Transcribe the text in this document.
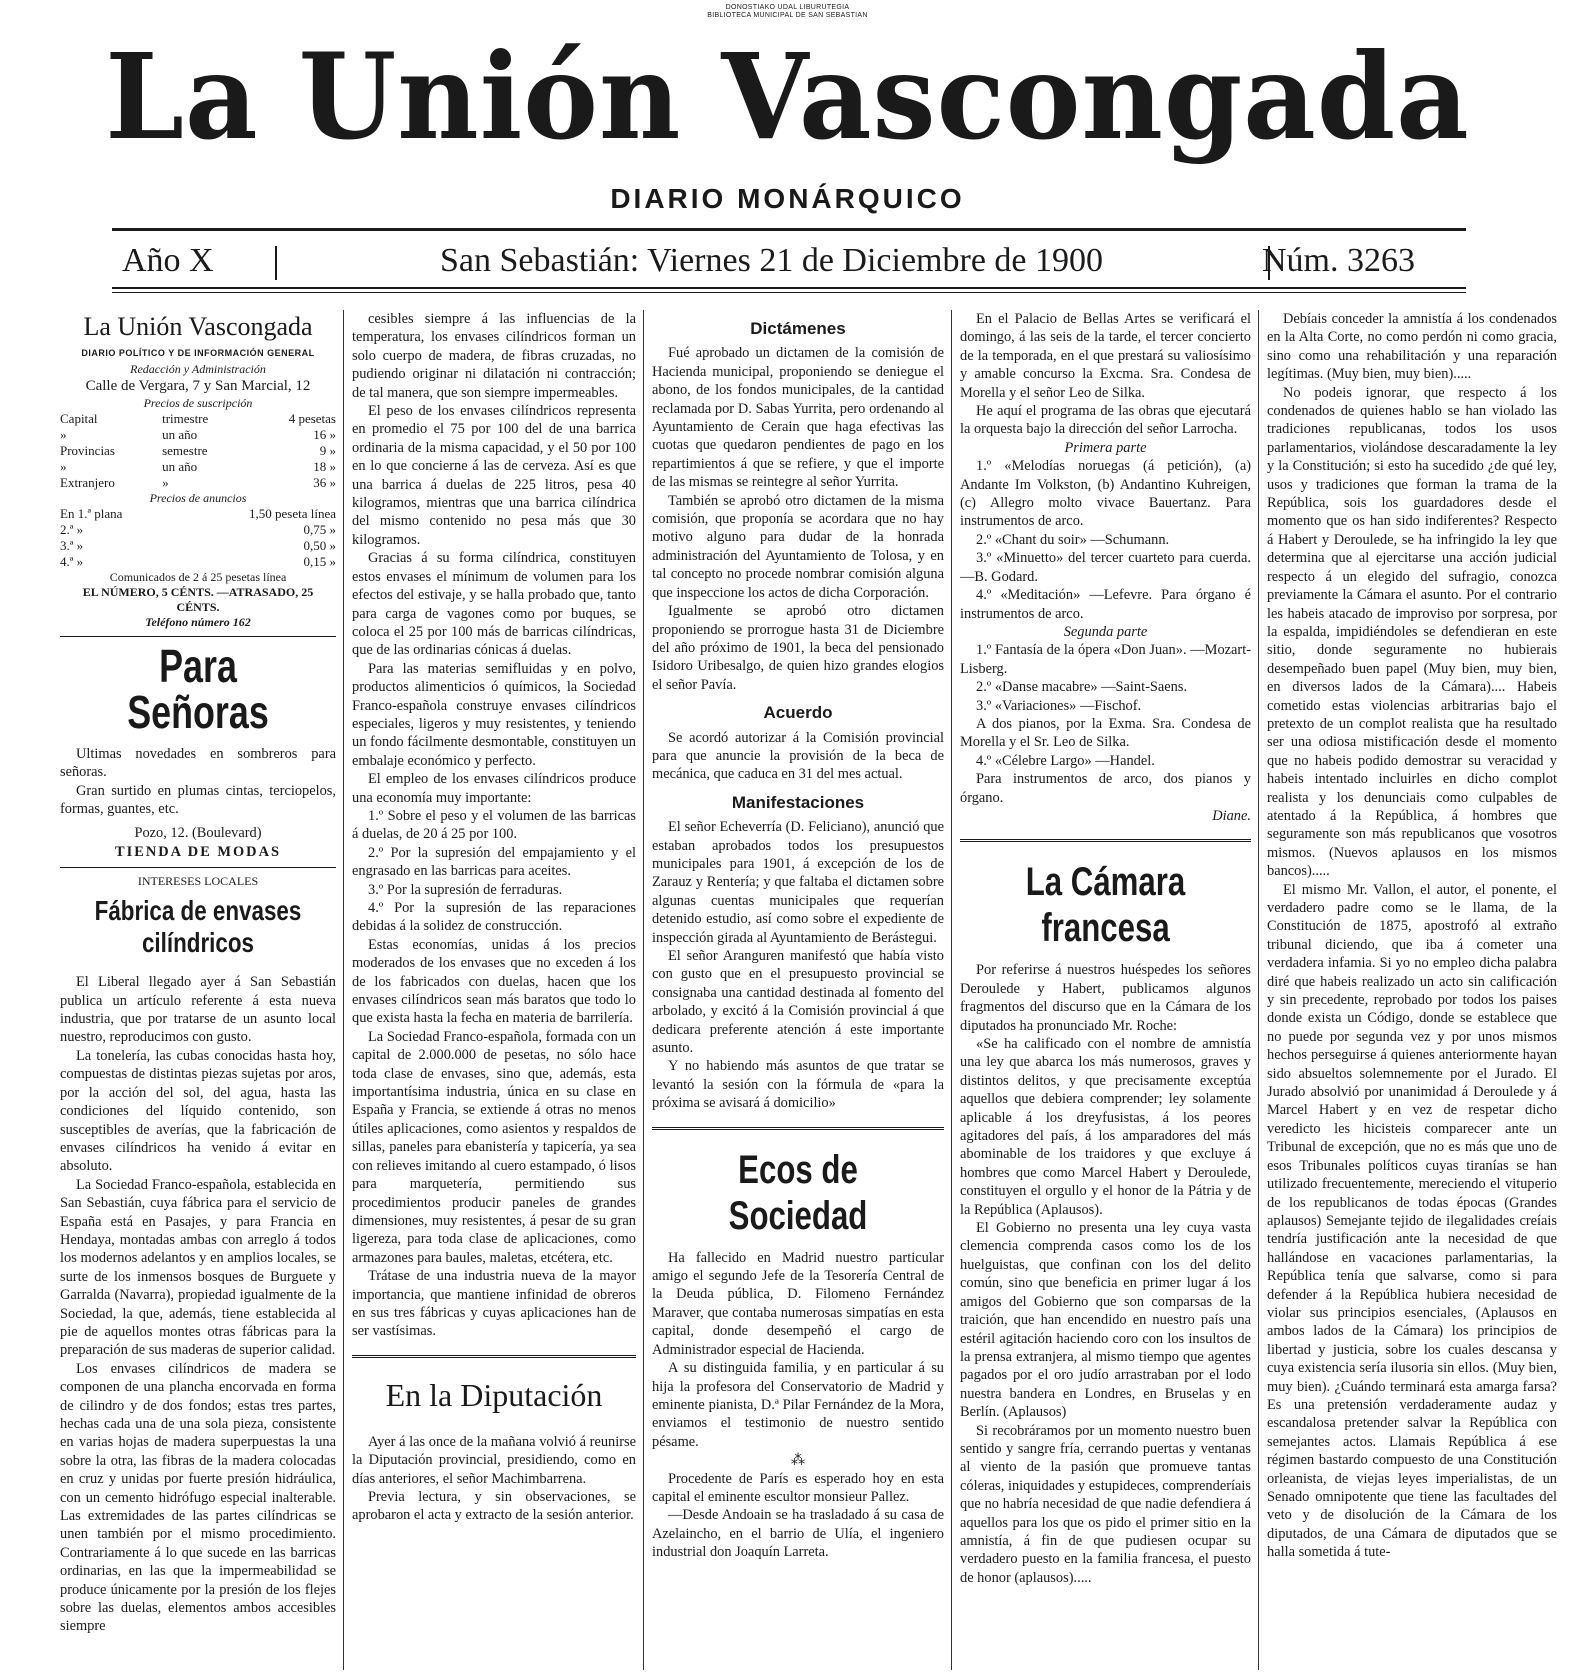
DONOSTIAKO UDAL LIBURUTEGIA
BIBLIOTECA MUNICIPAL DE SAN SEBASTIAN
La Unión Vascongada
DIARIO MONÁRQUICO
Año X	San Sebastián: Viernes 21 de Diciembre de 1900	Núm. 3263
La Unión Vascongada
DIARIO POLÍTICO Y DE INFORMACIÓN GENERAL
Redacción y Administración
Calle de Vergara, 7 y San Marcial, 12
Precios de suscripción
Capital	trimestre	4 pesetas
»	un año	16 »
Provincias	semestre	9 »
»	un año	18 »
Extranjero	»	36 »
Precios de anuncios
En 1.ª plana	1,50 peseta línea
2.ª »	0,75 »
3.ª »	0,50 »
4.ª »	0,15 »
Comunicados de 2 á 25 pesetas línea
EL NÚMERO, 5 CÉNTS. —ATRASADO, 25 CÉNTS.
Teléfono número 162
Para Señoras

Ultimas novedades en sombreros para señoras.

Gran surtido en plumas cintas, terciopelos, formas, guantes, etc.

Pozo, 12. (Boulevard)
TIENDA DE MODAS
INTERESES LOCALES
Fábrica de envases cilíndricos

El Liberal llegado ayer á San Sebastián publica un artículo referente á esta nueva industria, que por tratarse de un asunto local nuestro, reproducimos con gusto.

La tonelería, las cubas conocidas hasta hoy, compuestas de distintas piezas sujetas por aros, por la acción del sol, del agua, hasta las condiciones del líquido contenido, son susceptibles de averías, que la fabricación de envases cilíndricos ha venido á evitar en absoluto.

La Sociedad Franco-española, establecida en San Sebastián, cuya fábrica para el servicio de España está en Pasajes, y para Francia en Hendaya, montadas ambas con arreglo á todos los modernos adelantos y en amplios locales, se surte de los inmensos bosques de Burguete y Garralda (Navarra), propiedad igualmente de la Sociedad, la que, además, tiene establecida al pie de aquellos montes otras fábricas para la preparación de sus maderas de superior calidad.

Los envases cilíndricos de madera se componen de una plancha encorvada en forma de cilindro y de dos fondos; estas tres partes, hechas cada una de una sola pieza, consistente en varias hojas de madera superpuestas la una sobre la otra, las fibras de la madera colocadas en cruz y unidas por fuerte presión hidráulica, con un cemento hidrófugo especial inalterable. Las extremidades de las partes cilíndricas se unen también por el mismo procedimiento. Contrariamente á lo que sucede en las barricas ordinarias, en las que la impermeabilidad se produce únicamente por la presión de los flejes sobre las duelas, elementos ambos accesibles siempre

cesibles siempre á las influencias de la temperatura, los envases cilíndricos forman un solo cuerpo de madera, de fibras cruzadas, no pudiendo originar ni dilatación ni contracción; de tal manera, que son siempre impermeables.

El peso de los envases cilíndricos representa en promedio el 75 por 100 del de una barrica ordinaria de la misma capacidad, y el 50 por 100 en lo que concierne á las de cerveza. Así es que una barrica á duelas de 225 litros, pesa 40 kilogramos, mientras que una barrica cilíndrica del mismo contenido no pesa más que 30 kilogramos.

Gracias á su forma cilíndrica, constituyen estos envases el mínimum de volumen para los efectos del estivaje, y se halla probado que, tanto para carga de vagones como por buques, se coloca el 25 por 100 más de barricas cilíndricas, que de las ordinarias cónicas á duelas.

Para las materias semifluidas y en polvo, productos alimenticios ó químicos, la Sociedad Franco-española construye envases cilíndricos especiales, ligeros y muy resistentes, y teniendo un fondo fácilmente desmontable, constituyen un embalaje económico y perfecto.

El empleo de los envases cilíndricos produce una economía muy importante:

1.º Sobre el peso y el volumen de las barricas á duelas, de 20 á 25 por 100.

2.º Por la supresión del empajamiento y el engrasado en las barricas para aceites.

3.º Por la supresión de ferraduras.

4.º Por la supresión de las reparaciones debidas á la solidez de construcción.

Estas economías, unidas á los precios moderados de los envases que no exceden á los de los fabricados con duelas, hacen que los envases cilíndricos sean más baratos que todo lo que exista hasta la fecha en materia de barrilería.

La Sociedad Franco-española, formada con un capital de 2.000.000 de pesetas, no sólo hace toda clase de envases, sino que, además, esta importantísima industria, única en su clase en España y Francia, se extiende á otras no menos útiles aplicaciones, como asientos y respaldos de sillas, paneles para ebanistería y tapicería, ya sea con relieves imitando al cuero estampado, ó lisos para marquetería, permitiendo sus procedimientos producir paneles de grandes dimensiones, muy resistentes, á pesar de su gran ligereza, para toda clase de aplicaciones, como armazones para baules, maletas, etcétera, etc.

Trátase de una industria nueva de la mayor importancia, que mantiene infinidad de obreros en sus tres fábricas y cuyas aplicaciones han de ser vastísimas.

En la Diputación

Ayer á las once de la mañana volvió á reunirse la Diputación provincial, presidiendo, como en días anteriores, el señor Machimbarrena.

Previa lectura, y sin observaciones, se aprobaron el acta y extracto de la sesión anterior.

Dictámenes

Fué aprobado un dictamen de la comisión de Hacienda municipal, proponiendo se deniegue el abono, de los fondos municipales, de la cantidad reclamada por D. Sabas Yurrita, pero ordenando al Ayuntamiento de Cerain que haga efectivas las cuotas que quedaron pendientes de pago en los repartimientos á que se refiere, y que el importe de las mismas se reintegre al señor Yurrita.

También se aprobó otro dictamen de la misma comisión, que proponía se acordara que no hay motivo alguno para dudar de la honrada administración del Ayuntamiento de Tolosa, y en tal concepto no procede nombrar comisión alguna que inspeccione los actos de dicha Corporación.

Igualmente se aprobó otro dictamen proponiendo se prorrogue hasta 31 de Diciembre del año próximo de 1901, la beca del pensionado Isidoro Uribesalgo, de quien hizo grandes elogios el señor Pavía.

Acuerdo

Se acordó autorizar á la Comisión provincial para que anuncie la provisión de la beca de mecánica, que caduca en 31 del mes actual.

Manifestaciones

El señor Echeverría (D. Feliciano), anunció que estaban aprobados todos los presupuestos municipales para 1901, á excepción de los de Zarauz y Rentería; y que faltaba el dictamen sobre algunas cuentas municipales que requerían detenido estudio, así como sobre el expediente de inspección girada al Ayuntamiento de Berástegui.

El señor Aranguren manifestó que había visto con gusto que en el presupuesto provincial se consignaba una cantidad destinada al fomento del arbolado, y excitó á la Comisión provincial á que dedicara preferente atención á este importante asunto.

Y no habiendo más asuntos de que tratar se levantó la sesión con la fórmula de «para la próxima se avisará á domicilio»

Ecos de Sociedad

Ha fallecido en Madrid nuestro particular amigo el segundo Jefe de la Tesorería Central de la Deuda pública, D. Filomeno Fernández Maraver, que contaba numerosas simpatías en esta capital, donde desempeñó el cargo de Administrador especial de Hacienda.

A su distinguida familia, y en particular á su hija la profesora del Conservatorio de Madrid y eminente pianista, D.ª Pilar Fernández de la Mora, enviamos el testimonio de nuestro sentido pésame.

⁂

Procedente de París es esperado hoy en esta capital el eminente escultor monsieur Pallez.

—Desde Andoain se ha trasladado á su casa de Azelaincho, en el barrio de Ulía, el ingeniero industrial don Joaquín Larreta.

En el Palacio de Bellas Artes se verificará el domingo, á las seis de la tarde, el tercer concierto de la temporada, en el que prestará su valiosísimo y amable concurso la Excma. Sra. Condesa de Morella y el señor Leo de Silka.

He aquí el programa de las obras que ejecutará la orquesta bajo la dirección del señor Larrocha.

Primera parte

1.º «Melodías noruegas (á petición), (a) Andante Im Volkston, (b) Andantino Kuhreigen, (c) Allegro molto vivace Bauertanz. Para instrumentos de arco.

2.º «Chant du soir» —Schumann.

3.º «Minuetto» del tercer cuarteto para cuerda.—B. Godard.

4.º «Meditación» —Lefevre. Para órgano é instrumentos de arco.

Segunda parte

1.º Fantasía de la ópera «Don Juan». —Mozart-Lisberg.

2.º «Danse macabre» —Saint-Saens.

3.º «Variaciones» —Fischof.

A dos pianos, por la Exma. Sra. Condesa de Morella y el Sr. Leo de Silka.

4.º «Célebre Largo» —Handel.

Para instrumentos de arco, dos pianos y órgano.

Diane.
La Cámara francesa

Por referirse á nuestros huéspedes los señores Deroulede y Habert, publicamos algunos fragmentos del discurso que en la Cámara de los diputados ha pronunciado Mr. Roche:

«Se ha calificado con el nombre de amnistía una ley que abarca los más numerosos, graves y distintos delitos, y que precisamente exceptúa aquellos que debiera comprender; ley solamente aplicable á los dreyfusistas, á los peores agitadores del país, á los amparadores del más abominable de los traidores y que excluye á hombres que como Marcel Habert y Deroulede, constituyen el orgullo y el honor de la Pátria y de la República (Aplausos).

El Gobierno no presenta una ley cuya vasta clemencia comprenda casos como los de los huelguistas, que confinan con los del delito común, sino que beneficia en primer lugar á los amigos del Gobierno que son comparsas de la traición, que han encendido en nuestro país una estéril agitación haciendo coro con los insultos de la prensa extranjera, al mismo tiempo que agentes pagados por el oro judío arrastraban por el lodo nuestra bandera en Londres, en Bruselas y en Berlín. (Aplausos)

Si recobráramos por un momento nuestro buen sentido y sangre fría, cerrando puertas y ventanas al viento de la pasión que promueve tantas cóleras, iniquidades y estupideces, comprenderíais que no habría necesidad de que nadie defendiera á aquellos para los que os pido el primer sitio en la amnistía, á fin de que pudiesen ocupar su verdadero puesto en la familia francesa, el puesto de honor (aplausos).....

Debíais conceder la amnistía á los condenados en la Alta Corte, no como perdón ni como gracia, sino como una rehabilitación y una reparación legítimas. (Muy bien, muy bien).....

No podeis ignorar, que respecto á los condenados de quienes hablo se han violado las tradiciones republicanas, todos los usos parlamentarios, violándose descaradamente la ley y la Constitución; si esto ha sucedido ¿de qué ley, usos y tradiciones que forman la trama de la República, sois los guardadores desde el momento que os han sido indiferentes? Respecto á Habert y Deroulede, se ha infringido la ley que determina que al ejercitarse una acción judicial respecto á un elegido del sufragio, conozca previamente la Cámara el asunto. Por el contrario les habeis atacado de improviso por sorpresa, por la espalda, impidiéndoles se defendieran en este sitio, donde seguramente no hubierais desempeñado buen papel (Muy bien, muy bien, en diversos lados de la Cámara).... Habeis cometido estas violencias arbitrarias bajo el pretexto de un complot realista que ha resultado ser una odiosa mistificación desde el momento que no habeis podido demostrar su veracidad y habeis intentado incluirles en dicho complot realista y los denunciais como culpables de atentado á la República, á hombres que seguramente son más republicanos que vosotros mismos. (Nuevos aplausos en los mismos bancos).....

El mismo Mr. Vallon, el autor, el ponente, el verdadero padre como se le llama, de la Constitución de 1875, apostrofó al extraño tribunal diciendo, que iba á cometer una verdadera infamia. Si yo no empleo dicha palabra diré que habeis realizado un acto sin calificación y sin precedente, reprobado por todos los paises donde exista un Código, donde se establece que no puede por segunda vez y por unos mismos hechos perseguirse á quienes anteriormente hayan sido absueltos solemnemente por el Jurado. El Jurado absolvió por unanimidad á Deroulede y á Marcel Habert y en vez de respetar dicho veredicto les hicisteis comparecer ante un Tribunal de excepción, que no es más que uno de esos Tribunales políticos cuyas tiranías se han utilizado frecuentemente, mereciendo el vituperio de los republicanos de todas épocas (Grandes aplausos) Semejante tejido de ilegalidades creíais tendría justificación ante la necesidad de que hallándose en vacaciones parlamentarias, la República tenía que salvarse, como si para defender á la República hubiera necesidad de violar sus principios esenciales, (Aplausos en ambos lados de la Cámara) los principios de libertad y justicia, sobre los cuales descansa y cuya existencia sería ilusoria sin ellos. (Muy bien, muy bien). ¿Cuándo terminará esta amarga farsa? Es una pretensión verdaderamente audaz y escandalosa pretender salvar la República con semejantes actos. Llamais República á ese régimen bastardo compuesto de una Constitución orleanista, de viejas leyes imperialistas, de un Senado omnipotente que tiene las facultades del veto y de disolución de la Cámara de los diputados, de una Cámara de diputados que se halla sometida á tute-
